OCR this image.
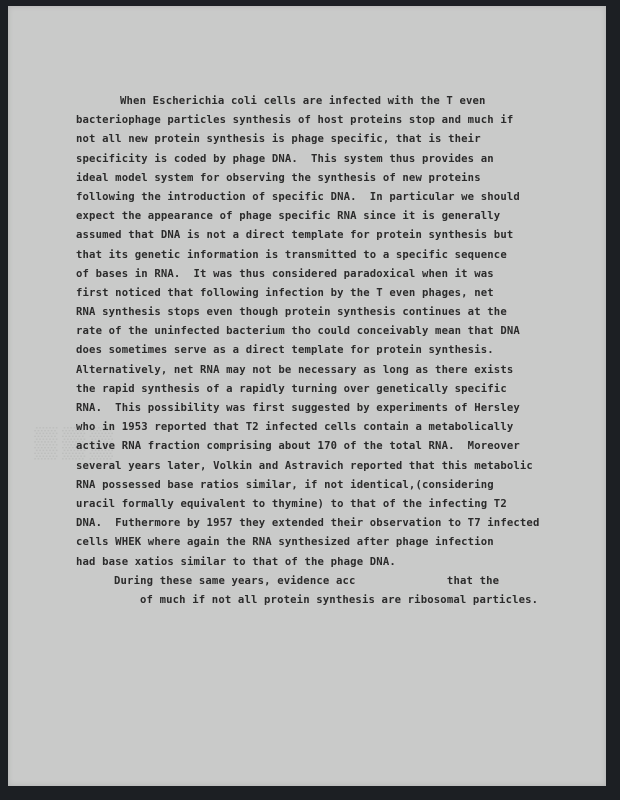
▒▒▒
When Escherichia coli cells are infected with the T even
bacteriophage particles synthesis of host proteins stop and much if
not all new protein synthesis is phage specific, that is their
specificity is coded by phage DNA.  This system thus provides an
ideal model system for observing the synthesis of new proteins
following the introduction of specific DNA.  In particular we should
expect the appearance of phage specific RNA since it is generally
assumed that DNA is not a direct template for protein synthesis but
that its genetic information is transmitted to a specific sequence
of bases in RNA.  It was thus considered paradoxical when it was
first noticed that following infection by the T even phages, net
RNA synthesis stops even though protein synthesis continues at the
rate of the uninfected bacterium tho could conceivably mean that DNA
does sometimes serve as a direct template for protein synthesis.
Alternatively, net RNA may not be necessary as long as there exists
the rapid synthesis of a rapidly turning over genetically specific
RNA.  This possibility was first suggested by experiments of Hersley
who in 1953 reported that T2 infected cells contain a metabolically
active RNA fraction comprising about 170 of the total RNA.  Moreover
several years later, Volkin and Astravich reported that this metabolic
RNA possessed base ratios similar, if not identical,(considering
uracil formally equivalent to thymine) to that of the infecting T2
DNA.  Futhermore by 1957 they extended their observation to T7 infected
cells WHEK where again the RNA synthesized after phage infection
had base xatios similar to that of the phage DNA.
During these same years, evidence acc              that the
of much if not all protein synthesis are ribosomal particles.
